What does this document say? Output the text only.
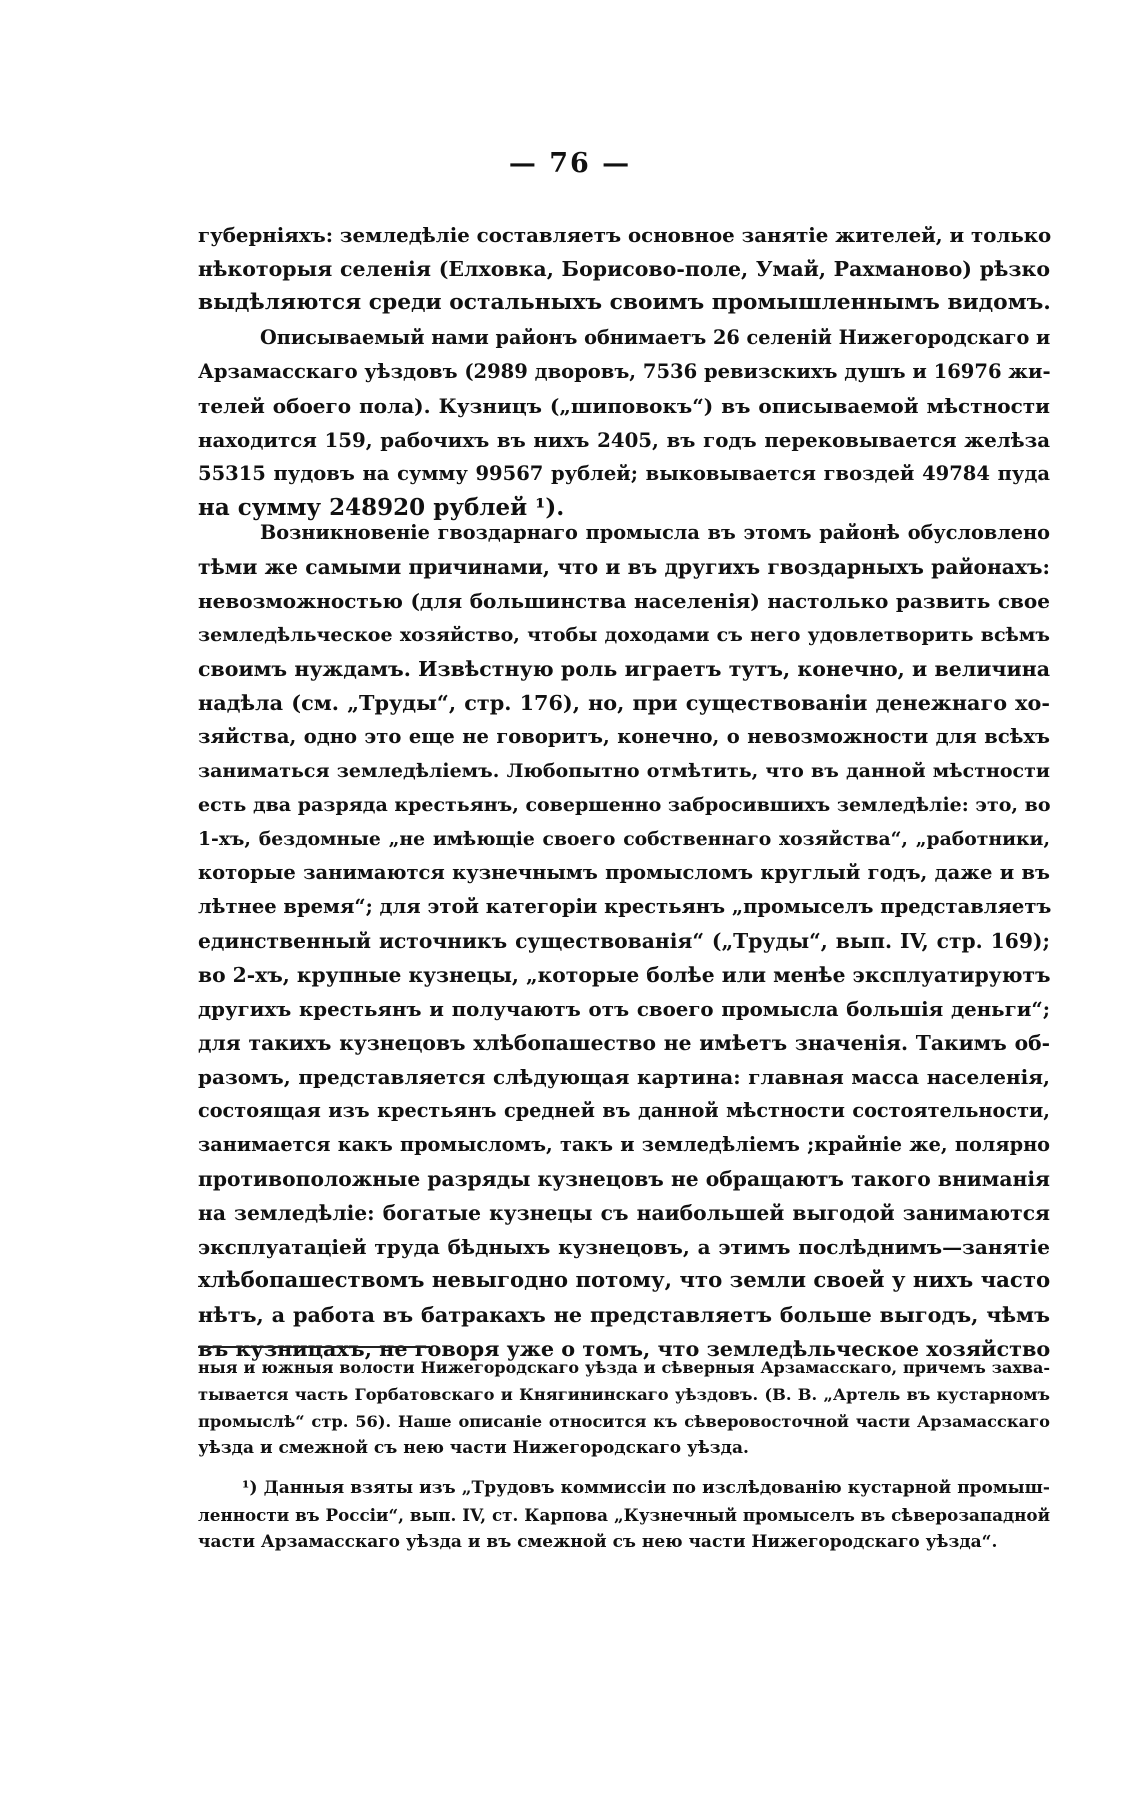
— 76 —
губерніяхъ: земледѣліе составляетъ основное занятіе жителей, и только
нѣкоторыя селенія (Елховка, Борисово-поле, Умай, Рахманово) рѣзко
выдѣляются среди остальныхъ своимъ промышленнымъ видомъ.
Описываемый нами районъ обнимаетъ 26 селеній Нижегородскаго и
Арзамасскаго уѣздовъ (2989 дворовъ, 7536 ревизскихъ душъ и 16976 жи-
телей обоего пола). Кузницъ („шиповокъ“) въ описываемой мѣстности
находится 159, рабочихъ въ нихъ 2405, въ годъ перековывается желѣза
55315 пудовъ на сумму 99567 рублей; выковывается гвоздей 49784 пуда
на сумму 248920 рублей ¹).
Возникновеніе гвоздарнаго промысла въ этомъ районѣ обусловлено
тѣми же самыми причинами, что и въ другихъ гвоздарныхъ районахъ:
невозможностью (для большинства населенія) настолько развить свое
земледѣльческое хозяйство, чтобы доходами съ него удовлетворить всѣмъ
своимъ нуждамъ. Извѣстную роль играетъ тутъ, конечно, и величина
надѣла (см. „Труды“, стр. 176), но, при существованіи денежнаго хо-
зяйства, одно это еще не говоритъ, конечно, о невозможности для всѣхъ
заниматься земледѣліемъ. Любопытно отмѣтить, что въ данной мѣстности
есть два разряда крестьянъ, совершенно забросившихъ земледѣліе: это, во
1-хъ, бездомные „не имѣющіе своего собственнаго хозяйства“, „работники,
которые занимаются кузнечнымъ промысломъ круглый годъ, даже и въ
лѣтнее время“; для этой категоріи крестьянъ „промыселъ представляетъ
единственный источникъ существованія“ („Труды“, вып. IV, стр. 169);
во 2-хъ, крупные кузнецы, „которые болѣе или менѣе эксплуатируютъ
другихъ крестьянъ и получаютъ отъ своего промысла большія деньги“;
для такихъ кузнецовъ хлѣбопашество не имѣетъ значенія. Такимъ об-
разомъ, представляется слѣдующая картина: главная масса населенія,
состоящая изъ крестьянъ средней въ данной мѣстности состоятельности,
занимается какъ промысломъ, такъ и земледѣліемъ ;крайніе же, полярно
противоположные разряды кузнецовъ не обращаютъ такого вниманія
на земледѣліе: богатые кузнецы съ наибольшей выгодой занимаются
эксплуатаціей труда бѣдныхъ кузнецовъ, а этимъ послѣднимъ—занятіе
хлѣбопашествомъ невыгодно потому, что земли своей у нихъ часто
нѣтъ, а работа въ батракахъ не представляетъ больше выгодъ, чѣмъ
въ кузницахъ, не говоря уже о томъ, что земледѣльческое хозяйство
ныя и южныя волости Нижегородскаго уѣзда и сѣверныя Арзамасскаго, причемъ захва-
тывается часть Горбатовскаго и Княгининскаго уѣздовъ. (В. В. „Артель въ кустарномъ
промыслѣ“ стр. 56). Наше описаніе относится къ сѣверовосточной части Арзамасскаго
уѣзда и смежной съ нею части Нижегородскаго уѣзда.
¹) Данныя взяты изъ „Трудовъ коммиссіи по изслѣдованію кустарной промыш-
ленности въ Россіи“, вып. IV, ст. Карпова „Кузнечный промыселъ въ сѣверозападной
части Арзамасскаго уѣзда и въ смежной съ нею части Нижегородскаго уѣзда“.
